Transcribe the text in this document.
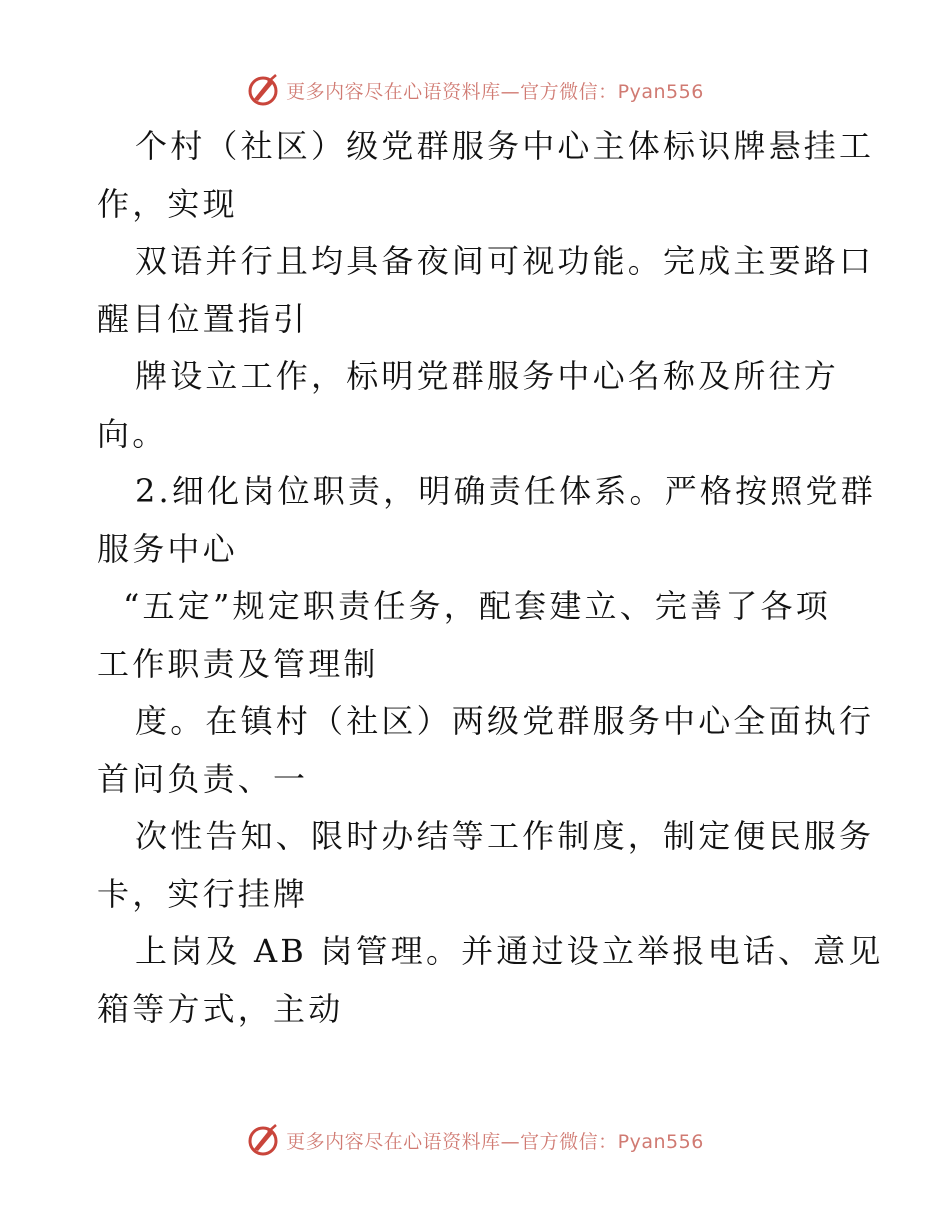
更多内容尽在心语资料库—官方微信：Pyan556
个村（社区）级党群服务中心主体标识牌悬挂工
作，实现
双语并行且均具备夜间可视功能。完成主要路口
醒目位置指引
牌设立工作，标明党群服务中心名称及所往方
向。
2.细化岗位职责，明确责任体系。严格按照党群
服务中心
“五定”规定职责任务，配套建立、完善了各项
工作职责及管理制
度。在镇村（社区）两级党群服务中心全面执行
首问负责、一
次性告知、限时办结等工作制度，制定便民服务
卡，实行挂牌
上岗及 AB 岗管理。并通过设立举报电话、意见
箱等方式，主动
更多内容尽在心语资料库—官方微信：Pyan556
